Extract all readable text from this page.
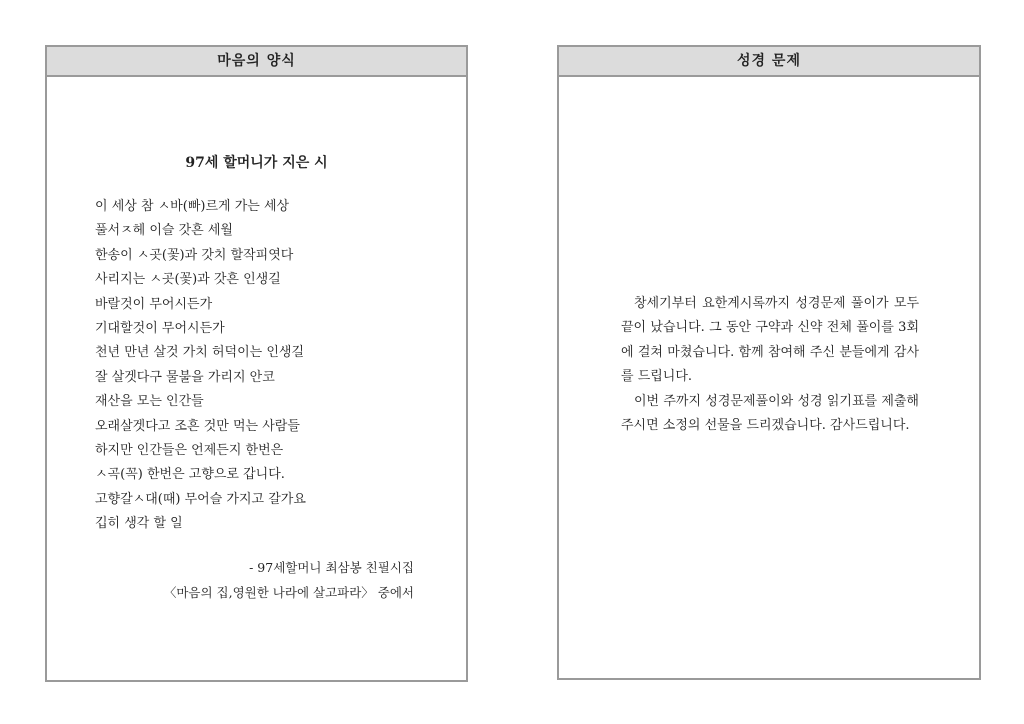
마음의 양식
97세 할머니가 지은 시
이 세상 참 ㅅ바(빠)르게 가는 세상
풀서ㅈ헤 이슬 갓흔 세월
한송이 ㅅ곳(꽃)과 갓치 할작피엿다
사리지는 ㅅ곳(꽃)과 갓흔 인생길
바랄것이 무어시든가
기대할것이 무어시든가
천년 만년 살것 가치 허덕이는 인생길
잘 살겟다구 물불을 가리지 안코
재산을 모는 인간들
오래살겟다고 조흔 것만 먹는 사람들
하지만 인간들은 언제든지 한번은
ㅅ곡(꼭) 한번은 고향으로 갑니다.
고향갈ㅅ대(때) 무어슬 가지고 갈가요
깁히 생각 할 일
- 97세할머니 최삼봉 친필시집
〈마음의 집,영원한 나라에 살고파라〉 중에서
성경 문제

창세기부터 요한계시록까지 성경문제 풀이가 모두 끝이 났습니다. 그 동안 구약과 신약 전체 풀이를 3회에 걸쳐 마쳤습니다. 함께 참여해 주신 분들에게 감사를 드립니다.

이번 주까지 성경문제풀이와 성경 읽기표를 제출해 주시면 소정의 선물을 드리겠습니다. 감사드립니다.
